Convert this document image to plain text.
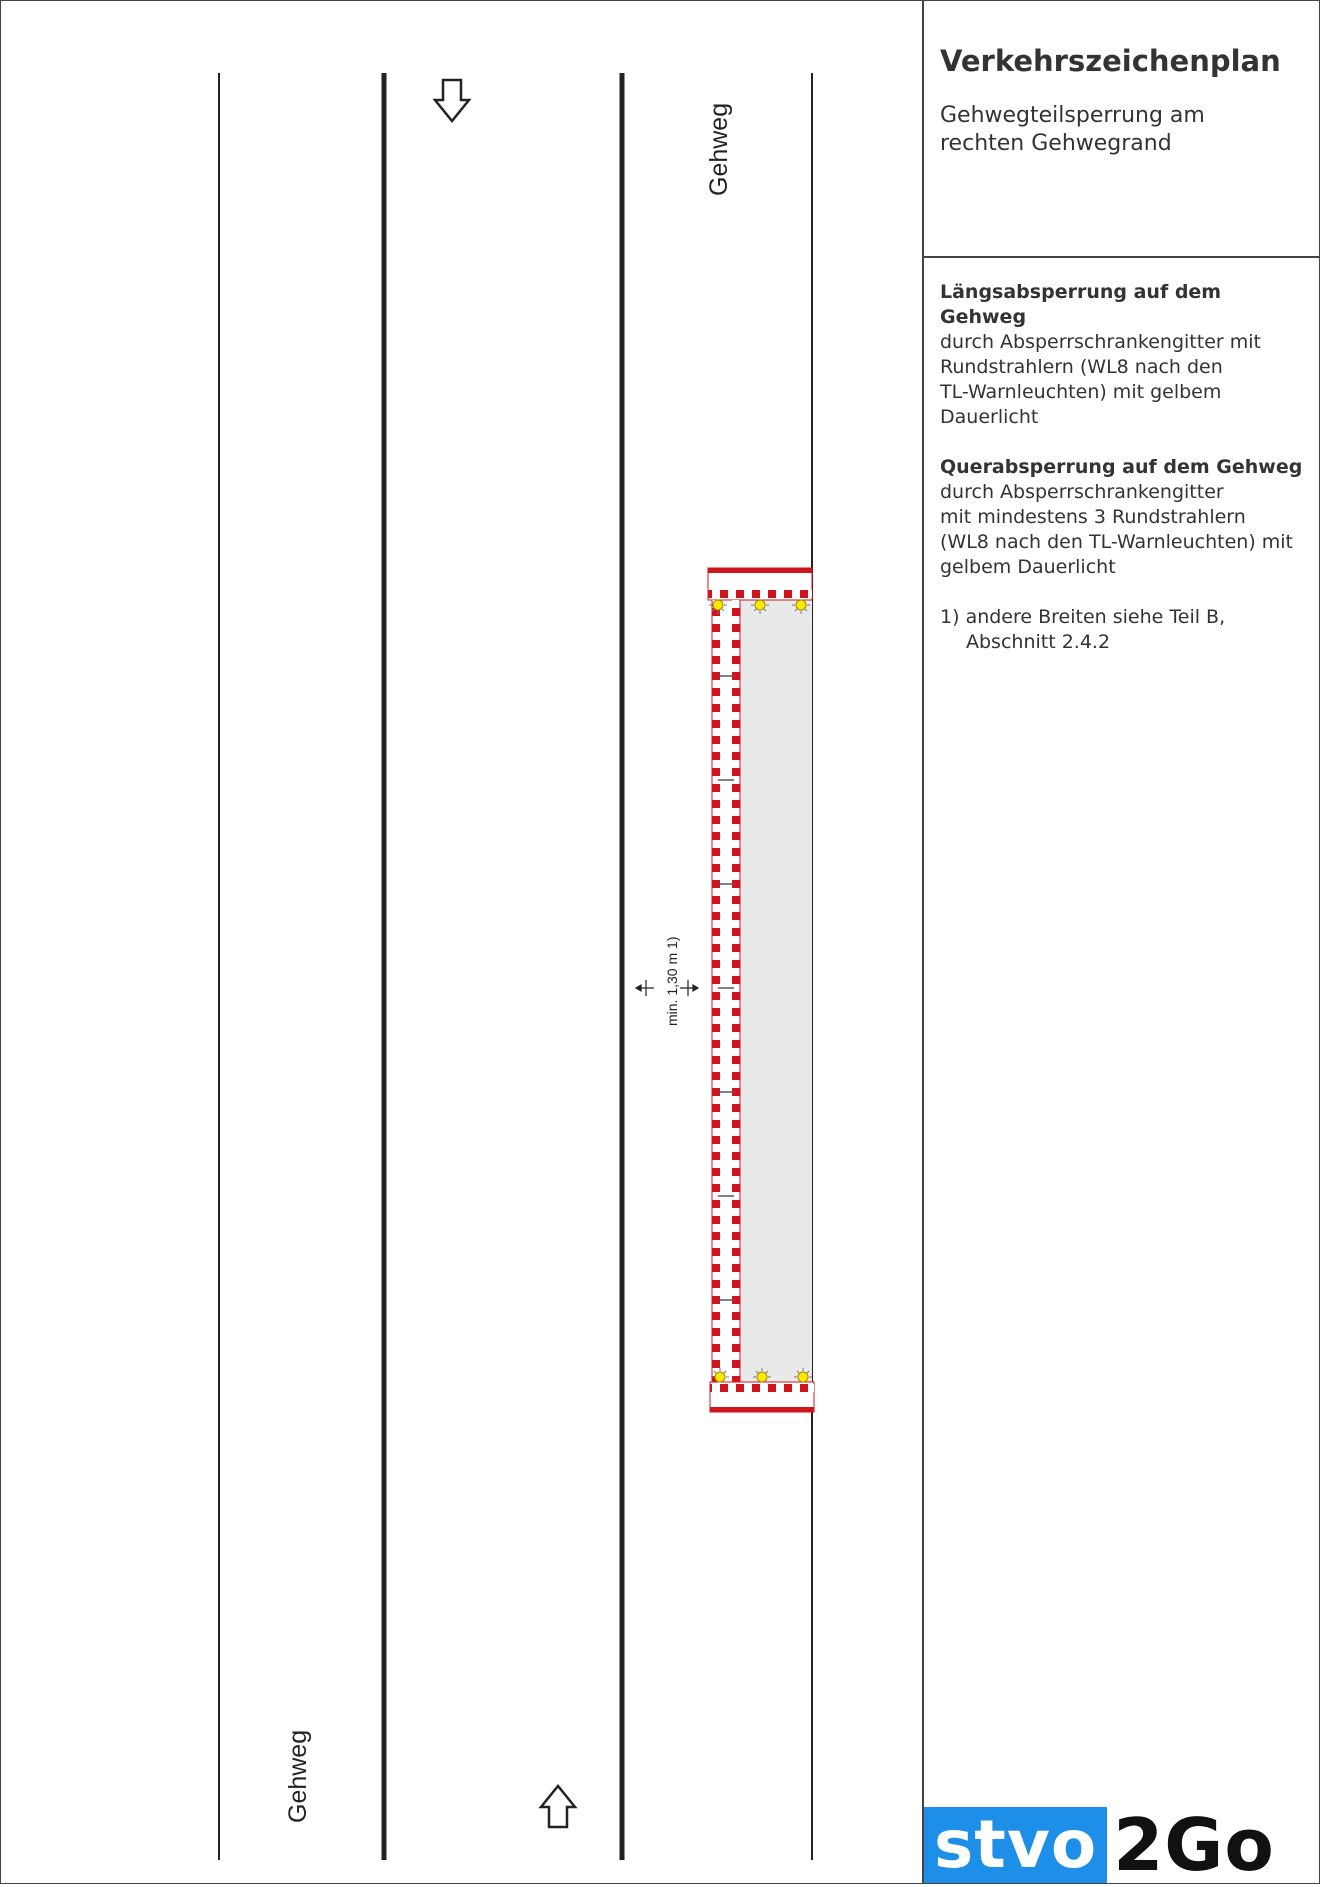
Gehweg
Gehweg
min. 1,30 m 1)
Verkehrszeichenplan
Gehwegteilsperrung am rechten Gehwegrand
Längsabsperrung auf dem Gehweg
durch Absperrschrankengitter mit
Rundstrahlern (WL8 nach den
TL-Warnleuchten) mit gelbem Dauerlicht
Querabsperrung auf dem Gehweg
durch Absperrschrankengitter
mit mindestens 3 Rundstrahlern
(WL8 nach den TL-Warnleuchten) mit
gelbem Dauerlicht
1) andere Breiten siehe Teil B,
Abschnitt 2.4.2
stvo 2Go
